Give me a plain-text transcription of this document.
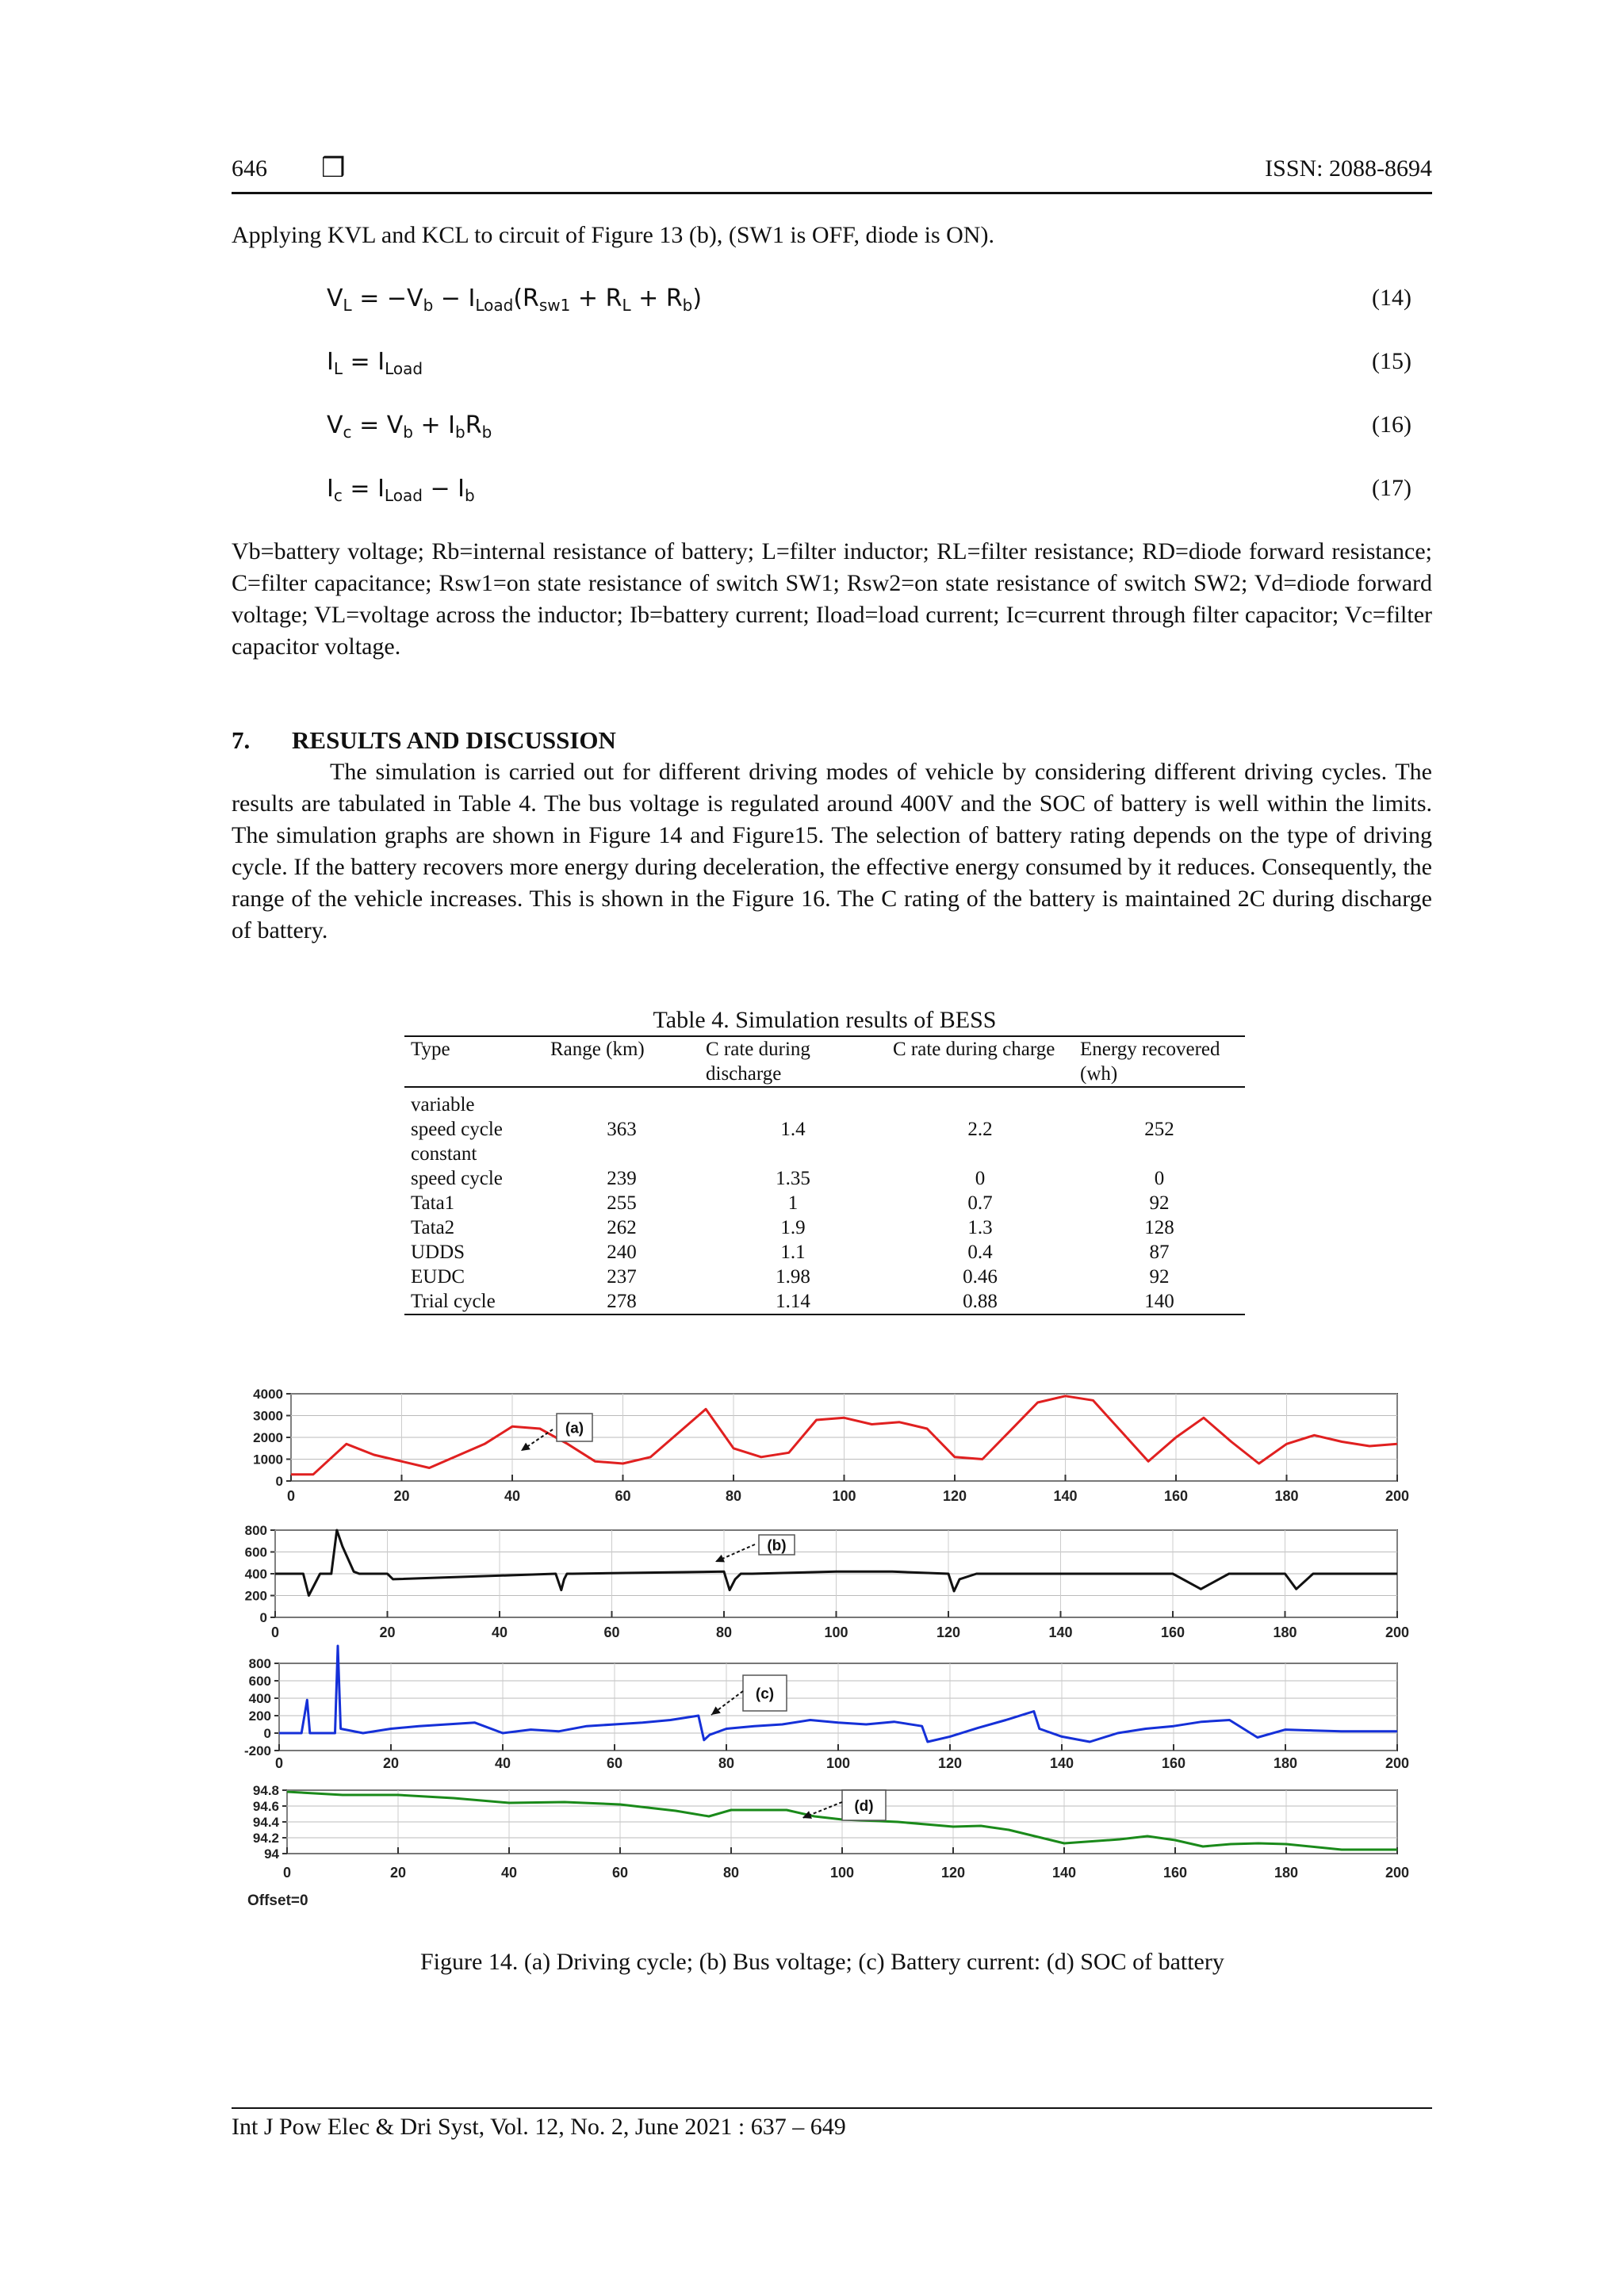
646 ❒	ISSN: 2088-8694
Applying KVL and KCL to circuit of Figure 13 (b), (SW1 is OFF, diode is ON).
$V_L = -V_b - I_{Load}(R_{sw1} + R_L + R_b)$	(14)
$I_L = I_{Load}$	(15)
$V_c = V_b + I_bR_b$	(16)
$I_c = I_{Load} - I_b$	(17)
Vb=battery voltage; Rb=internal resistance of battery; L=filter inductor; RL=filter resistance; RD=diode forward resistance; C=filter capacitance; Rsw1=on state resistance of switch SW1; Rsw2=on state resistance of switch SW2; Vd=diode forward voltage; VL=voltage across the inductor; Ib=battery current; Iload=load current; Ic=current through filter capacitor; Vc=filter capacitor voltage.
7. RESULTS AND DISCUSSION
The simulation is carried out for different driving modes of vehicle by considering different driving cycles. The results are tabulated in Table 4. The bus voltage is regulated around 400V and the SOC of battery is well within the limits. The simulation graphs are shown in Figure 14 and Figure15. The selection of battery rating depends on the type of driving cycle. If the battery recovers more energy during deceleration, the effective energy consumed by it reduces. Consequently, the range of the vehicle increases. This is shown in the Figure 16. The C rating of the battery is maintained 2C during discharge of battery.
Table 4. Simulation results of BESS
Type	Range (km)	C rate during discharge	C rate during charge	Energy recovered (wh)
variable				
speed cycle	363	1.4	2.2	252
constant				
speed cycle	239	1.35	0	0
Tata1	255	1	0.7	92
Tata2	262	1.9	1.3	128
UDDS	240	1.1	0.4	87
EUDC	237	1.98	0.46	92
Trial cycle	278	1.14	0.88	140
4000
3000
2000
1000
0
0	20	40	60	80	100	120	140	160	180	200
(a)
800
600
400
200
0
0	20	40	60	80	100	120	140	160	180	200
(b)
800
600
400
200
0
-200
0	20	40	60	80	100	120	140	160	180	200
(c)
94.8
94.6
94.4
94.2
94
0	20	40	60	80	100	120	140	160	180	200
(d)
Offset=0
Figure 14. (a) Driving cycle; (b) Bus voltage; (c) Battery current: (d) SOC of battery
Int J Pow Elec & Dri Syst, Vol. 12, No. 2, June 2021 : 637 – 649
